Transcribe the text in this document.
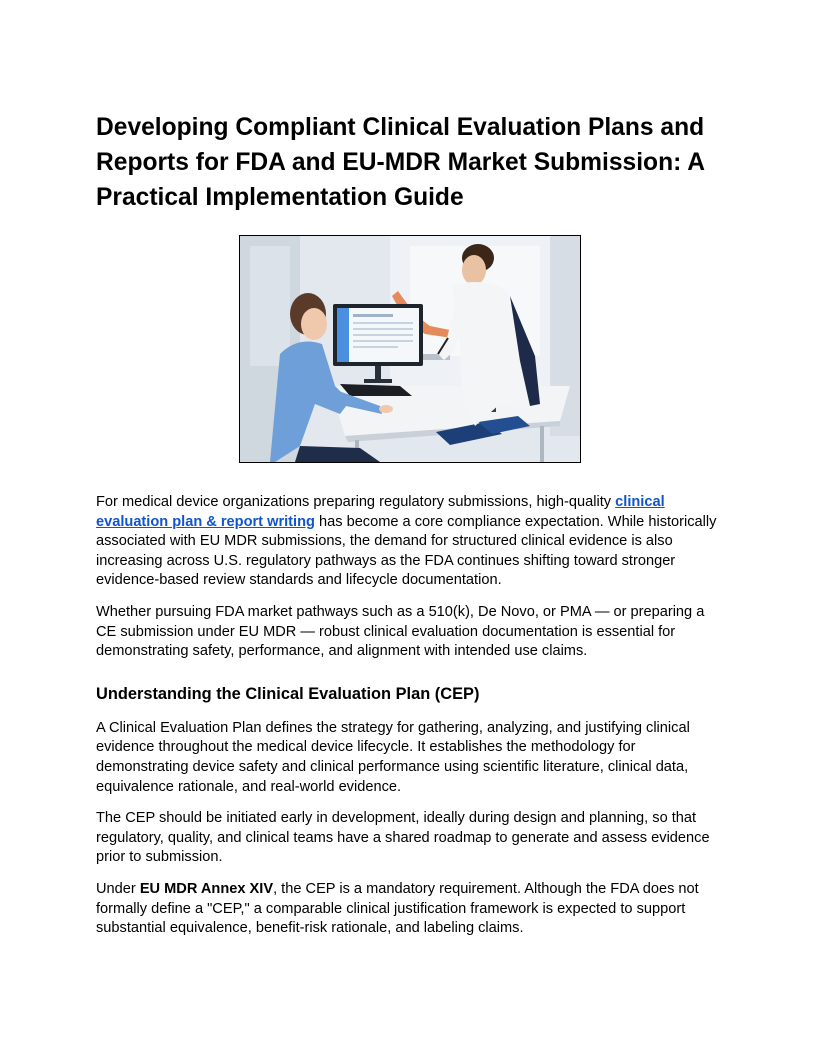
Developing Compliant Clinical Evaluation Plans and Reports for FDA and EU-MDR Market Submission: A Practical Implementation Guide

For medical device organizations preparing regulatory submissions, high-quality clinical evaluation plan & report writing has become a core compliance expectation. While historically associated with EU MDR submissions, the demand for structured clinical evidence is also increasing across U.S. regulatory pathways as the FDA continues shifting toward stronger evidence-based review standards and lifecycle documentation.

Whether pursuing FDA market pathways such as a 510(k), De Novo, or PMA — or preparing a CE submission under EU MDR — robust clinical evaluation documentation is essential for demonstrating safety, performance, and alignment with intended use claims.

Understanding the Clinical Evaluation Plan (CEP)

A Clinical Evaluation Plan defines the strategy for gathering, analyzing, and justifying clinical evidence throughout the medical device lifecycle. It establishes the methodology for demonstrating device safety and clinical performance using scientific literature, clinical data, equivalence rationale, and real-world evidence.

The CEP should be initiated early in development, ideally during design and planning, so that regulatory, quality, and clinical teams have a shared roadmap to generate and assess evidence prior to submission.

Under EU MDR Annex XIV, the CEP is a mandatory requirement. Although the FDA does not formally define a "CEP," a comparable clinical justification framework is expected to support substantial equivalence, benefit-risk rationale, and labeling claims.
